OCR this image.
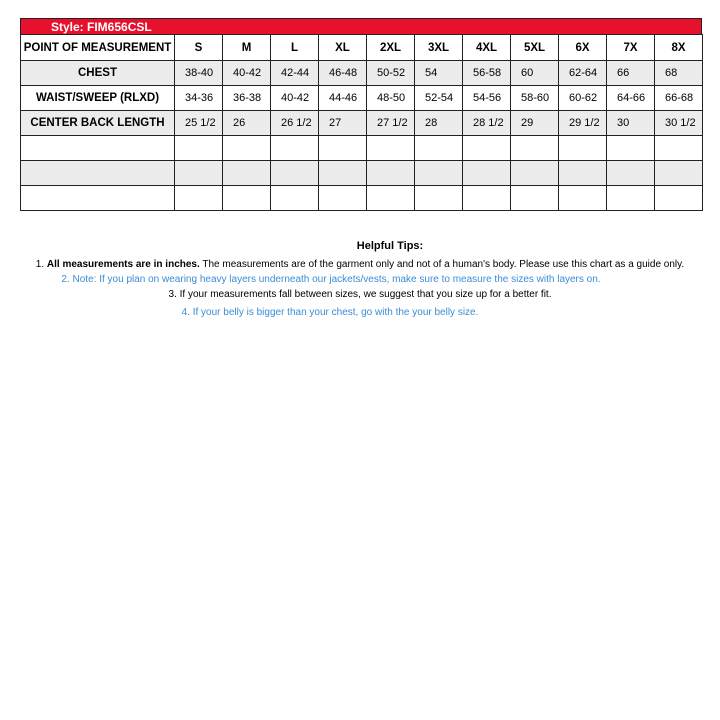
Style: FIM656CSL
POINT OF MEASUREMENT	S	M	L	XL	2XL	3XL	4XL	5XL	6X	7X	8X
CHEST	38-40	40-42	42-44	46-48	50-52	54	56-58	60	62-64	66	68
WAIST/SWEEP (RLXD)	34-36	36-38	40-42	44-46	48-50	52-54	54-56	58-60	60-62	64-66	66-68
CENTER BACK LENGTH	25 1/2	26	26 1/2	27	27 1/2	28	28 1/2	29	29 1/2	30	30 1/2

Helpful Tips:

1. All measurements are in inches. The measurements are of the garment only and not of a human's body. Please use this chart as a guide only.

2. Note: If you plan on wearing heavy layers underneath our jackets/vests, make sure to measure the sizes with layers on.

3. If your measurements fall between sizes, we suggest that you size up for a better fit.

4. If your belly is bigger than your chest, go with the your belly size.
